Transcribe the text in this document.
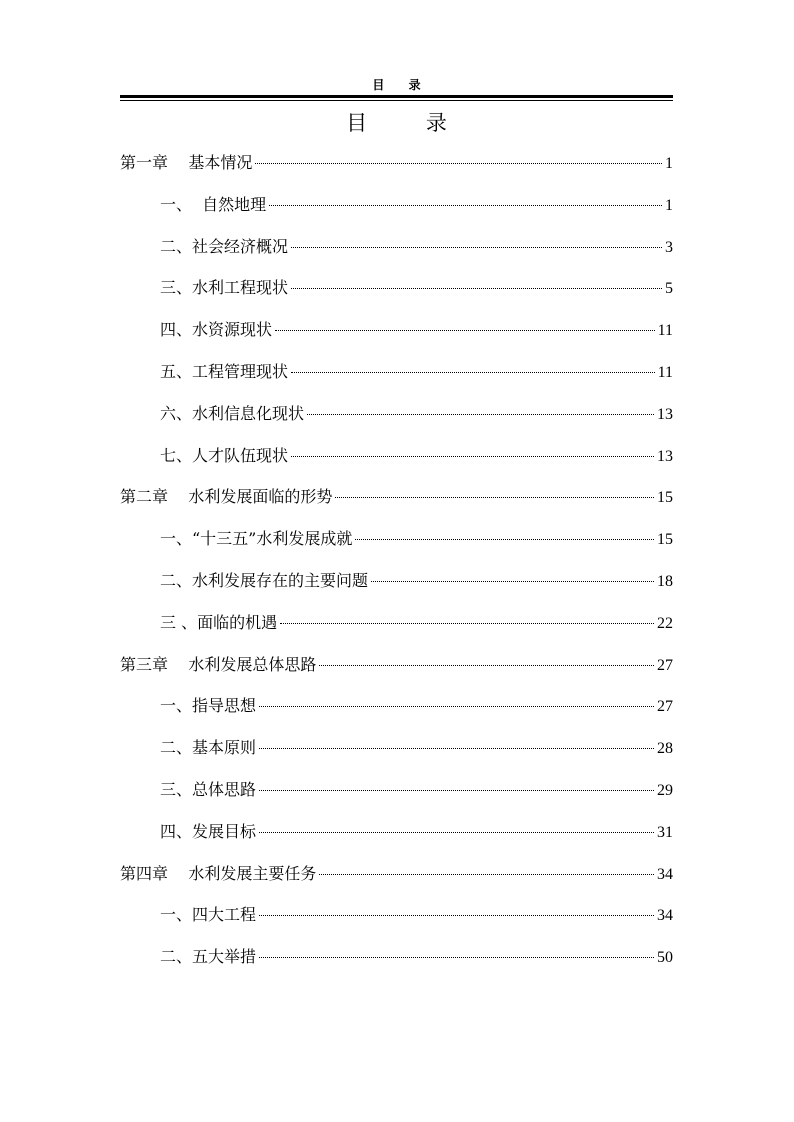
目 录
目 录
第一章    基本情况	1
一、  自然地理	1
二、社会经济概况	3
三、水利工程现状	5
四、水资源现状	11
五、工程管理现状	11
六、水利信息化现状	13
七、人才队伍现状	13
第二章    水利发展面临的形势	15
一、“十三五”水利发展成就	15
二、水利发展存在的主要问题	18
三 、面临的机遇	22
第三章    水利发展总体思路	27
一、指导思想	27
二、基本原则	28
三、总体思路	29
四、发展目标	31
第四章    水利发展主要任务	34
一、四大工程	34
二、五大举措	50
